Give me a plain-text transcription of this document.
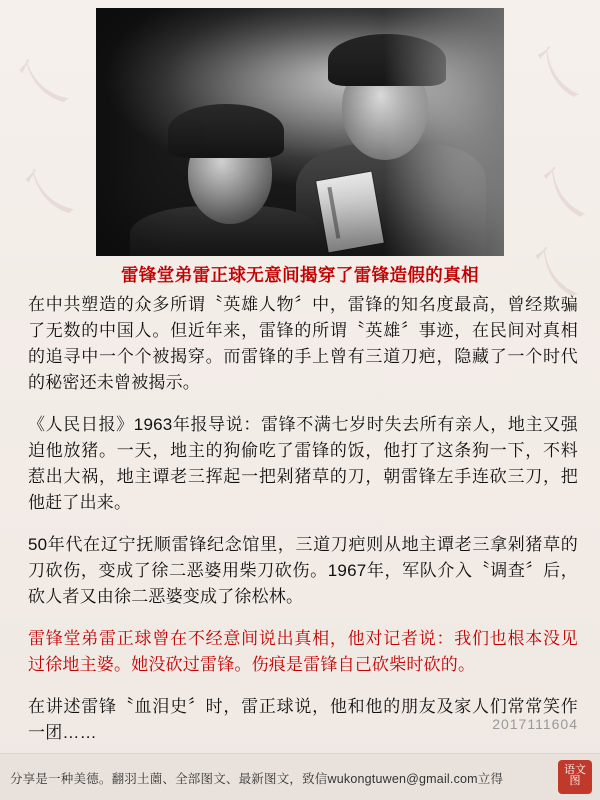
乀
乀
乀
乀
乀
雷锋堂弟雷正球无意间揭穿了雷锋造假的真相

在中共塑造的众多所谓〝英雄人物〞中，雷锋的知名度最高，曾经欺骗了无数的中国人。但近年来，雷锋的所谓〝英雄〞事迹，在民间对真相的追寻中一个个被揭穿。而雷锋的手上曾有三道刀疤，隐藏了一个时代的秘密还未曾被揭示。

《人民日报》1963年报导说：雷锋不满七岁时失去所有亲人，地主又强迫他放猪。一天，地主的狗偷吃了雷锋的饭，他打了这条狗一下，不料惹出大祸，地主谭老三挥起一把剁猪草的刀，朝雷锋左手连砍三刀，把他赶了出来。

50年代在辽宁抚顺雷锋纪念馆里，三道刀疤则从地主谭老三拿剁猪草的刀砍伤，变成了徐二恶婆用柴刀砍伤。1967年，军队介入〝调查〞后，砍人者又由徐二恶婆变成了徐松林。

雷锋堂弟雷正球曾在不经意间说出真相，他对记者说：我们也根本没见过徐地主婆。她没砍过雷锋。伤痕是雷锋自己砍柴时砍的。

在讲述雷锋〝血泪史〞时，雷正球说，他和他的朋友及家人们常常笑作一团……	2017111604
分享是一种美德。翻羽土薗、全部图文、最新图文，致信wukongtuwen@gmail.com立得
语文
图
